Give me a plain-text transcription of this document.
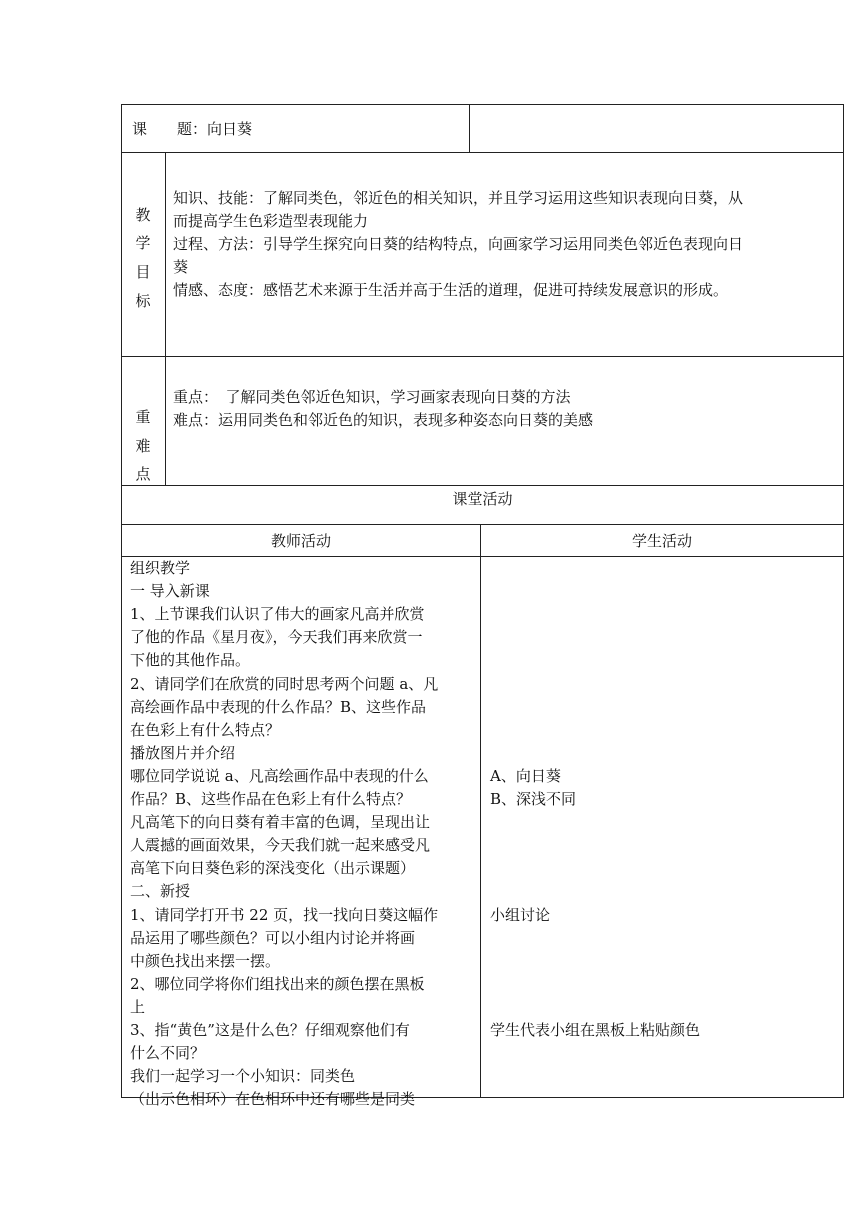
课　　题：向日葵
教
学
目
标
知识、技能：了解同类色，邻近色的相关知识，并且学习运用这些知识表现向日葵，从
而提高学生色彩造型表现能力
过程、方法：引导学生探究向日葵的结构特点，向画家学习运用同类色邻近色表现向日
葵
情感、态度：感悟艺术来源于生活并高于生活的道理，促进可持续发展意识的形成。
重
难
点
重点：　了解同类色邻近色知识，学习画家表现向日葵的方法
难点：运用同类色和邻近色的知识，表现多种姿态向日葵的美感
课堂活动
教师活动	学生活动
组织教学
一 导入新课
1、上节课我们认识了伟大的画家凡高并欣赏
了他的作品《星月夜》，今天我们再来欣赏一
下他的其他作品。
2、请同学们在欣赏的同时思考两个问题 a、凡
高绘画作品中表现的什么作品？B、这些作品
在色彩上有什么特点？
播放图片并介绍
哪位同学说说 a、凡高绘画作品中表现的什么
作品？B、这些作品在色彩上有什么特点？
凡高笔下的向日葵有着丰富的色调，呈现出让
人震撼的画面效果，今天我们就一起来感受凡
高笔下向日葵色彩的深浅变化（出示课题）
二、新授
1、请同学打开书 22 页，找一找向日葵这幅作
品运用了哪些颜色？可以小组内讨论并将画
中颜色找出来摆一摆。
2、哪位同学将你们组找出来的颜色摆在黑板
上
3、指“黄色”这是什么色？仔细观察他们有
什么不同？
我们一起学习一个小知识：同类色
（出示色相环）在色相环中还有哪些是同类
A、向日葵
B、深浅不同
小组讨论
学生代表小组在黑板上粘贴颜色
